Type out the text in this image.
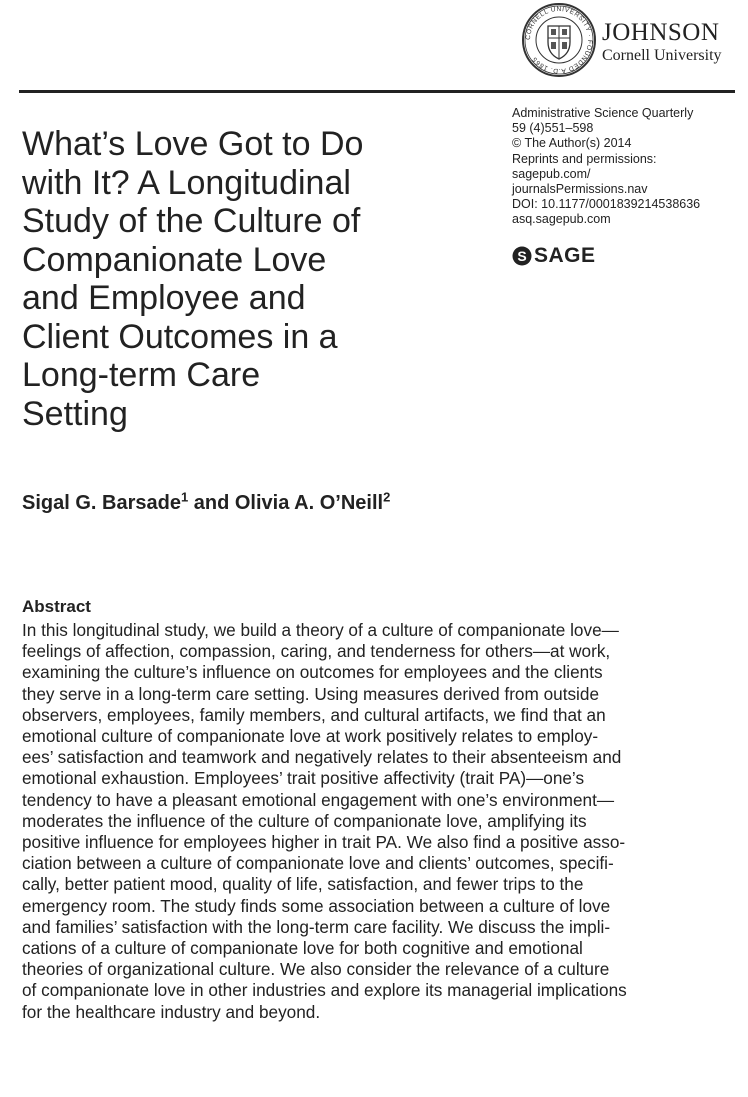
CORNELL UNIVERSITY · FOUNDED A.D. 1865
JOHNSON
Cornell University
What’s Love Got to Do
with It? A Longitudinal
Study of the Culture of
Companionate Love
and Employee and
Client Outcomes in a
Long-term Care
Setting
Administrative Science Quarterly
59 (4)551–598
© The Author(s) 2014
Reprints and permissions:
sagepub.com/
journalsPermissions.nav
DOI: 10.1177/0001839214538636
asq.sagepub.com
S SAGE
Sigal G. Barsade$^1$ and Olivia A. O’Neill$^2$
Abstract
In this longitudinal study, we build a theory of a culture of companionate love—
feelings of affection, compassion, caring, and tenderness for others—at work,
examining the culture’s influence on outcomes for employees and the clients
they serve in a long-term care setting. Using measures derived from outside
observers, employees, family members, and cultural artifacts, we find that an
emotional culture of companionate love at work positively relates to employ-
ees’ satisfaction and teamwork and negatively relates to their absenteeism and
emotional exhaustion. Employees’ trait positive affectivity (trait PA)—one’s
tendency to have a pleasant emotional engagement with one’s environment—
moderates the influence of the culture of companionate love, amplifying its
positive influence for employees higher in trait PA. We also find a positive asso-
ciation between a culture of companionate love and clients’ outcomes, specifi-
cally, better patient mood, quality of life, satisfaction, and fewer trips to the
emergency room. The study finds some association between a culture of love
and families’ satisfaction with the long-term care facility. We discuss the impli-
cations of a culture of companionate love for both cognitive and emotional
theories of organizational culture. We also consider the relevance of a culture
of companionate love in other industries and explore its managerial implications
for the healthcare industry and beyond.
